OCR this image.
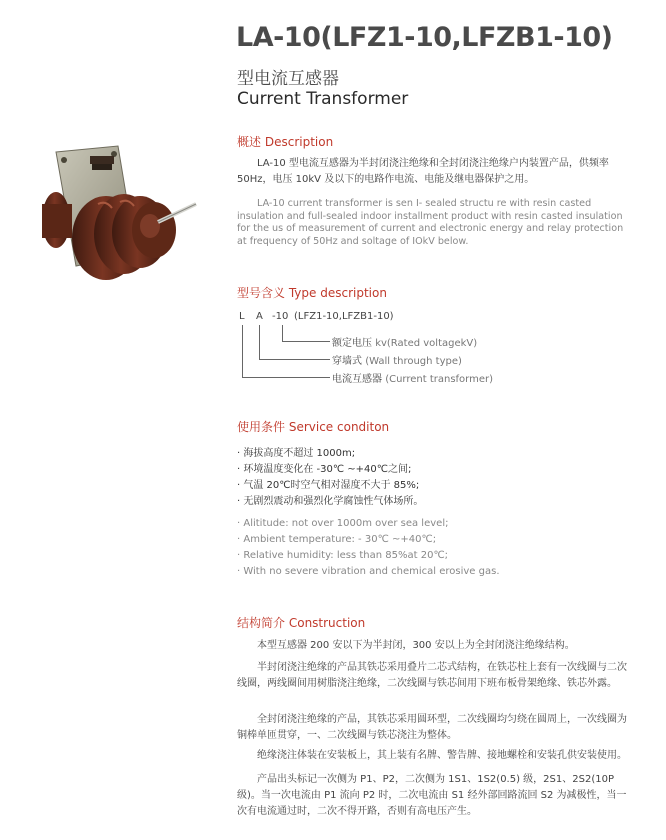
LA-10(LFZ1-10,LFZB1-10)
型电流互感器
Current Transformer
概述 Description

LA-10 型电流互感器为半封闭浇注绝缘和全封闭浇注绝缘户内装置产品，供频率50Hz，电压 10kV 及以下的电路作电流、电能及继电器保护之用。

LA-10 current transformer is sen I- sealed structu re with resin casted insulation and full-sealed indoor installment product with resin casted insulation for the us of measurement of current and electronic energy and relay protection at frequency of 50Hz and soltage of IOkV below.

型号含义 Type description
L A -10 (LFZ1-10,LFZB1-10)
额定电压 kv(Rated voltagekV)
穿墙式 (Wall through type)
电流互感器 (Current transformer)
使用条件 Service conditon
· 海拔高度不超过 1000m;
· 环境温度变化在 -30℃ ~+40℃之间;
· 气温 20℃时空气相对湿度不大于 85%;
· 无剧烈震动和强烈化学腐蚀性气体场所。
· Alititude: not over 1000m over sea level;
· Ambient temperature: - 30℃ ~+40℃;
· Relative humidity: less than 85%at 20℃;
· With no severe vibration and chemical erosive gas.
结构简介 Construction

本型互感器 200 安以下为半封闭，300 安以上为全封闭浇注绝缘结构。

半封闭浇注绝缘的产品其铁芯采用叠片二芯式结构，在铁芯柱上套有一次线圈与二次线圈，两线圈间用树脂浇注绝缘，二次线圈与铁芯间用下班布板骨架绝缘、铁芯外露。

全封闭浇注绝缘的产品，其铁芯采用圆环型，二次线圈均匀绕在圆周上，一次线圈为铜棒单匝贯穿，一、二次线圈与铁芯浇注为整体。

绝缘浇注体装在安装板上，其上装有名牌、警告牌、接地螺栓和安装孔供安装使用。

产品出头标记一次侧为 P1、P2，二次侧为 1S1、1S2(0.5) 级，2S1、2S2(10P 级)。当一次电流由 P1 流向 P2 时，二次电流由 S1 经外部回路流回 S2 为减极性，当一次有电流通过时，二次不得开路，否则有高电压产生。
